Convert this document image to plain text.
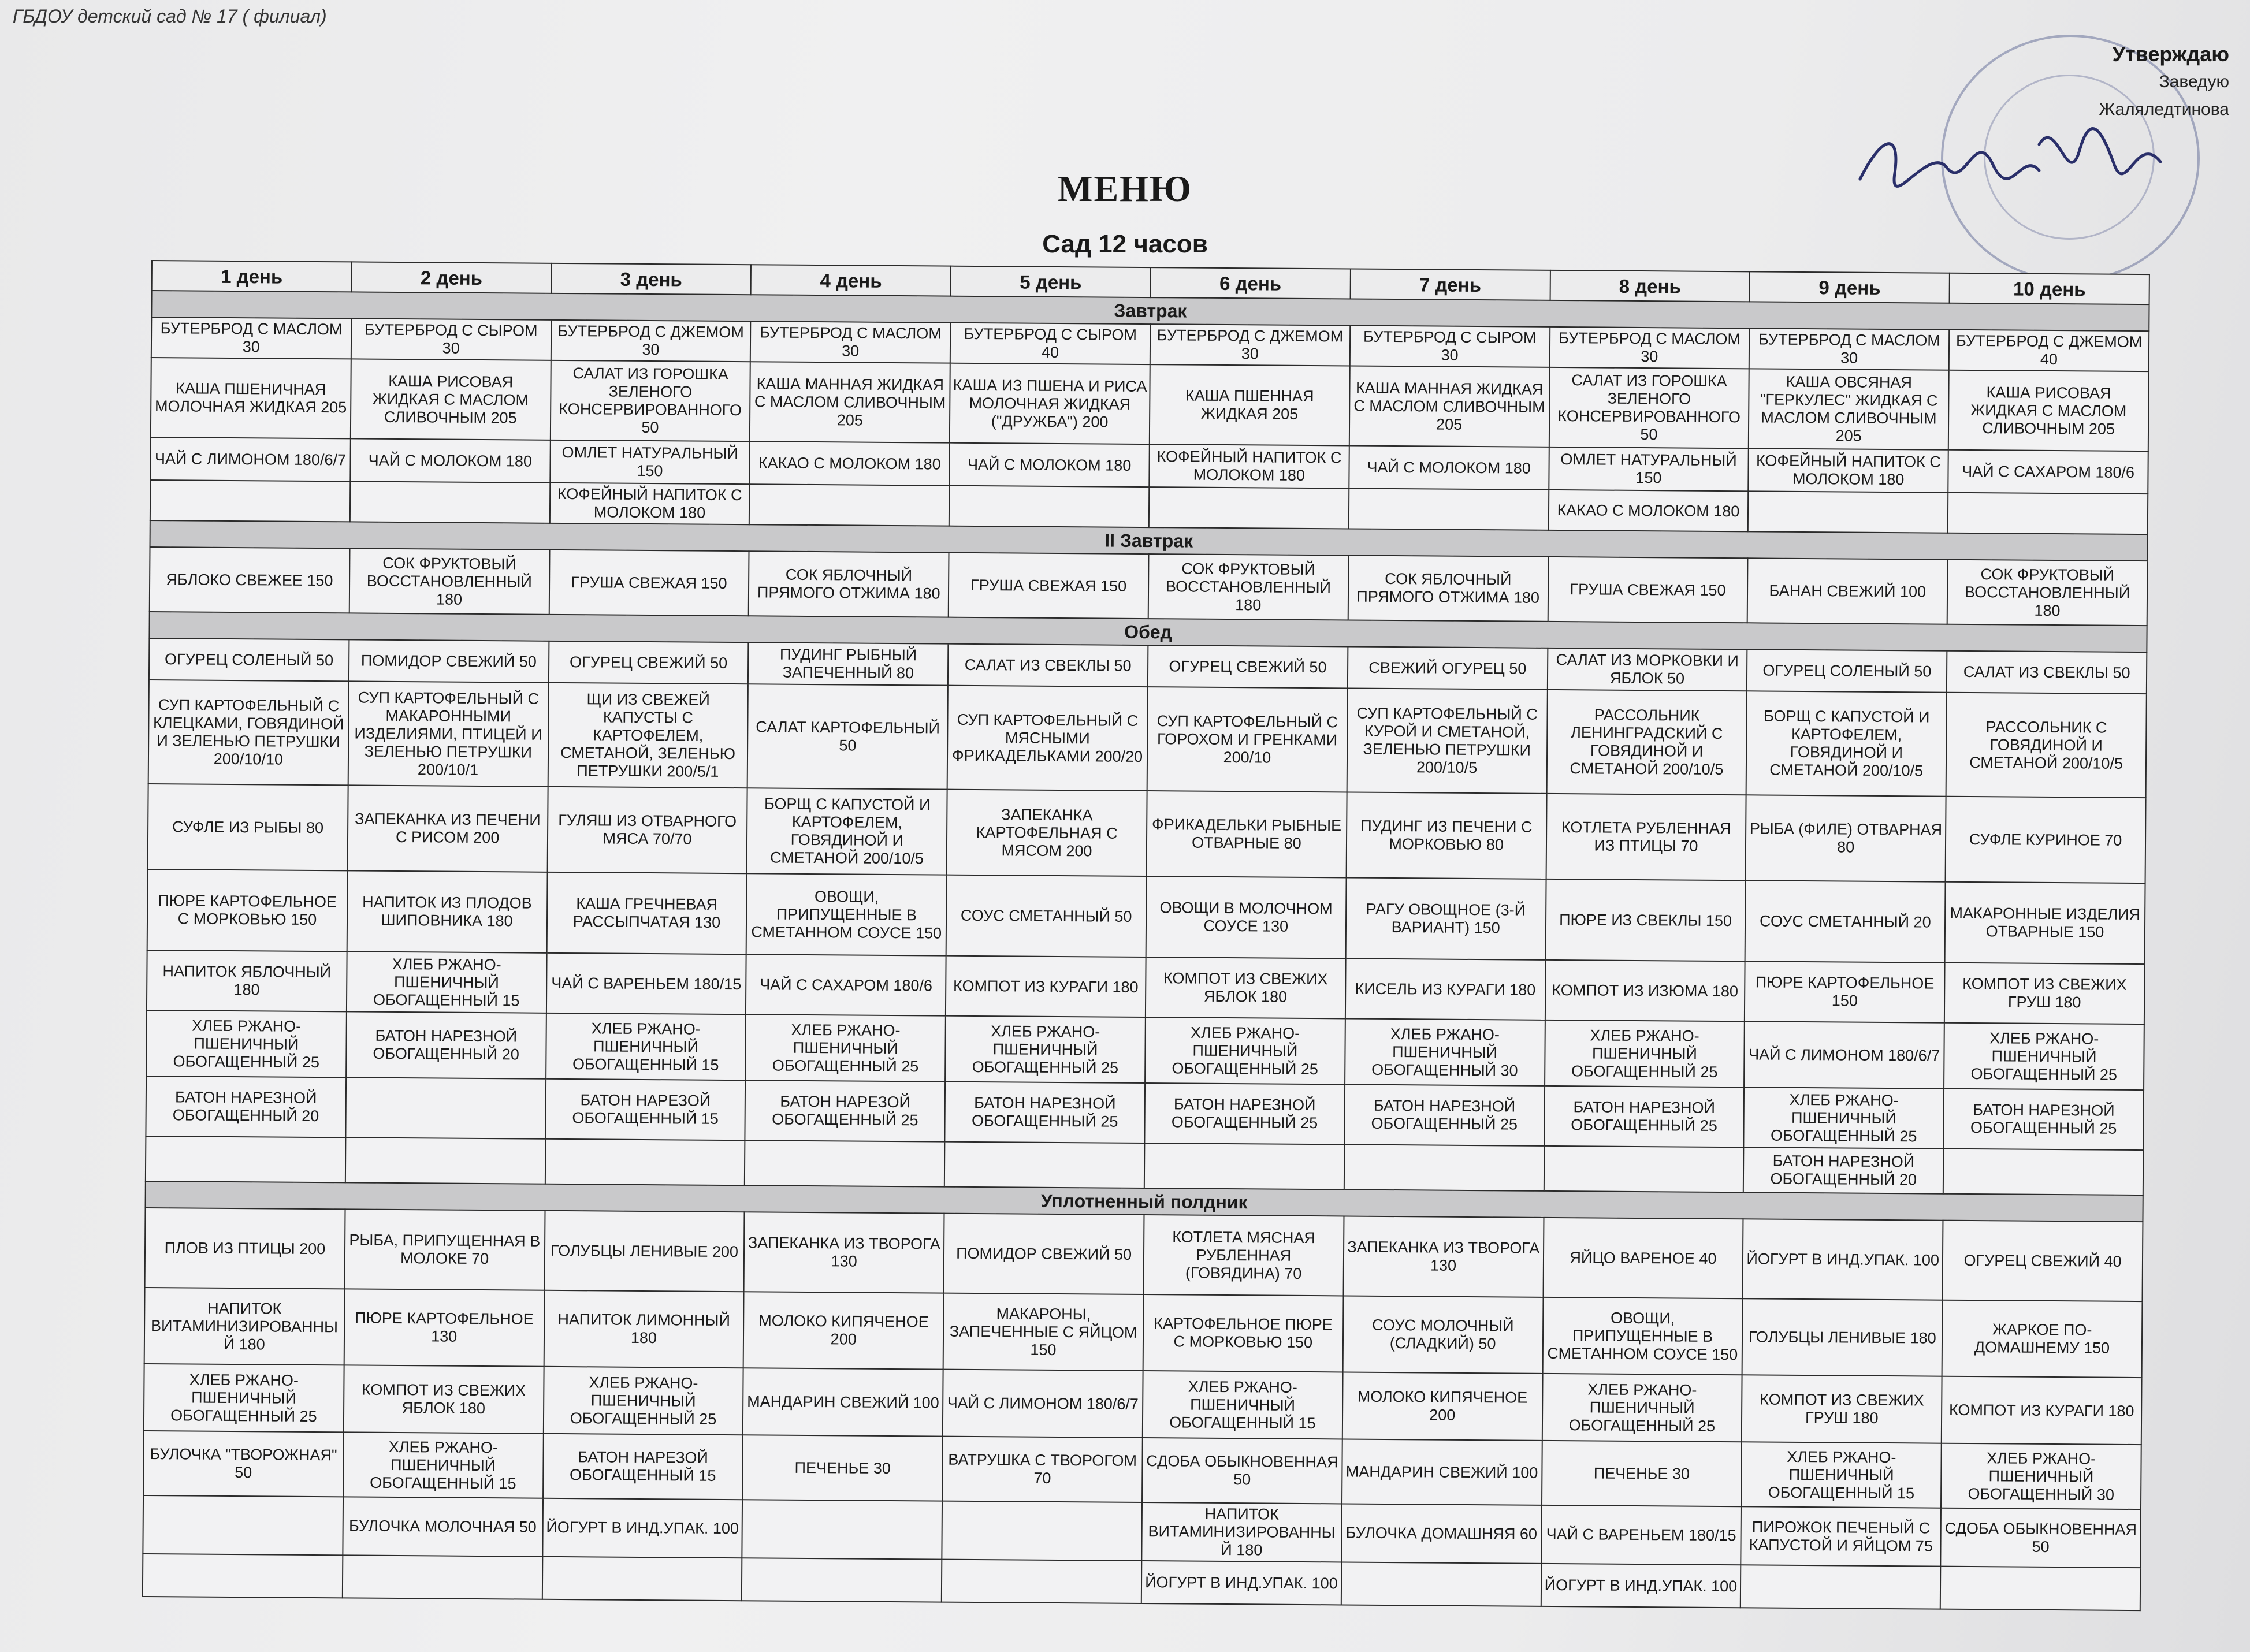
ГБДОУ детский сад № 17 ( филиал)
Утверждаю
Заведую
Жаляледтинова
МЕНЮ
Сад 12 часов
1 день	2 день	3 день	4 день	5 день	6 день	7 день	8 день	9 день	10 день
Завтрак									
БУТЕРБРОД С МАСЛОМ 30	БУТЕРБРОД С СЫРОМ 30	БУТЕРБРОД С ДЖЕМОМ 30	БУТЕРБРОД С МАСЛОМ 30	БУТЕРБРОД С СЫРОМ 40	БУТЕРБРОД С ДЖЕМОМ 30	БУТЕРБРОД С СЫРОМ 30	БУТЕРБРОД С МАСЛОМ 30	БУТЕРБРОД С МАСЛОМ 30	БУТЕРБРОД С ДЖЕМОМ 40
КАША ПШЕНИЧНАЯ МОЛОЧНАЯ ЖИДКАЯ 205	КАША РИСОВАЯ ЖИДКАЯ С МАСЛОМ СЛИВОЧНЫМ 205	САЛАТ ИЗ ГОРОШКА ЗЕЛЕНОГО КОНСЕРВИРОВАННОГО 50	КАША МАННАЯ ЖИДКАЯ С МАСЛОМ СЛИВОЧНЫМ 205	КАША ИЗ ПШЕНА И РИСА МОЛОЧНАЯ ЖИДКАЯ ("ДРУЖБА") 200	КАША ПШЕННАЯ ЖИДКАЯ 205	КАША МАННАЯ ЖИДКАЯ С МАСЛОМ СЛИВОЧНЫМ 205	САЛАТ ИЗ ГОРОШКА ЗЕЛЕНОГО КОНСЕРВИРОВАННОГО 50	КАША ОВСЯНАЯ "ГЕРКУЛЕС" ЖИДКАЯ С МАСЛОМ СЛИВОЧНЫМ 205	КАША РИСОВАЯ ЖИДКАЯ С МАСЛОМ СЛИВОЧНЫМ 205
ЧАЙ С ЛИМОНОМ 180/6/7	ЧАЙ С МОЛОКОМ 180	ОМЛЕТ НАТУРАЛЬНЫЙ 150	КАКАО С МОЛОКОМ 180	ЧАЙ С МОЛОКОМ 180	КОФЕЙНЫЙ НАПИТОК С МОЛОКОМ 180	ЧАЙ С МОЛОКОМ 180	ОМЛЕТ НАТУРАЛЬНЫЙ 150	КОФЕЙНЫЙ НАПИТОК С МОЛОКОМ 180	ЧАЙ С САХАРОМ 180/6
		КОФЕЙНЫЙ НАПИТОК С МОЛОКОМ 180					КАКАО С МОЛОКОМ 180		
II Завтрак									
ЯБЛОКО СВЕЖЕЕ 150	СОК ФРУКТОВЫЙ ВОССТАНОВЛЕННЫЙ 180	ГРУША СВЕЖАЯ 150	СОК ЯБЛОЧНЫЙ ПРЯМОГО ОТЖИМА 180	ГРУША СВЕЖАЯ 150	СОК ФРУКТОВЫЙ ВОССТАНОВЛЕННЫЙ 180	СОК ЯБЛОЧНЫЙ ПРЯМОГО ОТЖИМА 180	ГРУША СВЕЖАЯ 150	БАНАН СВЕЖИЙ 100	СОК ФРУКТОВЫЙ ВОССТАНОВЛЕННЫЙ 180
Обед									
ОГУРЕЦ СОЛЕНЫЙ 50	ПОМИДОР СВЕЖИЙ 50	ОГУРЕЦ СВЕЖИЙ 50	ПУДИНГ РЫБНЫЙ ЗАПЕЧЕННЫЙ 80	САЛАТ ИЗ СВЕКЛЫ 50	ОГУРЕЦ СВЕЖИЙ 50	СВЕЖИЙ ОГУРЕЦ 50	САЛАТ ИЗ МОРКОВКИ И ЯБЛОК 50	ОГУРЕЦ СОЛЕНЫЙ 50	САЛАТ ИЗ СВЕКЛЫ 50
СУП КАРТОФЕЛЬНЫЙ С КЛЕЦКАМИ, ГОВЯДИНОЙ И ЗЕЛЕНЬЮ ПЕТРУШКИ 200/10/10	СУП КАРТОФЕЛЬНЫЙ С МАКАРОННЫМИ ИЗДЕЛИЯМИ, ПТИЦЕЙ И ЗЕЛЕНЬЮ ПЕТРУШКИ 200/10/1	ЩИ ИЗ СВЕЖЕЙ КАПУСТЫ С КАРТОФЕЛЕМ, СМЕТАНОЙ, ЗЕЛЕНЬЮ ПЕТРУШКИ 200/5/1	САЛАТ КАРТОФЕЛЬНЫЙ 50	СУП КАРТОФЕЛЬНЫЙ С МЯСНЫМИ ФРИКАДЕЛЬКАМИ 200/20	СУП КАРТОФЕЛЬНЫЙ С ГОРОХОМ И ГРЕНКАМИ 200/10	СУП КАРТОФЕЛЬНЫЙ С КУРОЙ И СМЕТАНОЙ, ЗЕЛЕНЬЮ ПЕТРУШКИ 200/10/5	РАССОЛЬНИК ЛЕНИНГРАДСКИЙ С ГОВЯДИНОЙ И СМЕТАНОЙ 200/10/5	БОРЩ С КАПУСТОЙ И КАРТОФЕЛЕМ, ГОВЯДИНОЙ И СМЕТАНОЙ 200/10/5	РАССОЛЬНИК С ГОВЯДИНОЙ И СМЕТАНОЙ 200/10/5
СУФЛЕ ИЗ РЫБЫ 80	ЗАПЕКАНКА ИЗ ПЕЧЕНИ С РИСОМ 200	ГУЛЯШ ИЗ ОТВАРНОГО МЯСА 70/70	БОРЩ С КАПУСТОЙ И КАРТОФЕЛЕМ, ГОВЯДИНОЙ И СМЕТАНОЙ 200/10/5	ЗАПЕКАНКА КАРТОФЕЛЬНАЯ С МЯСОМ 200	ФРИКАДЕЛЬКИ РЫБНЫЕ ОТВАРНЫЕ 80	ПУДИНГ ИЗ ПЕЧЕНИ С МОРКОВЬЮ 80	КОТЛЕТА РУБЛЕННАЯ ИЗ ПТИЦЫ 70	РЫБА (ФИЛЕ) ОТВАРНАЯ 80	СУФЛЕ КУРИНОЕ 70
ПЮРЕ КАРТОФЕЛЬНОЕ С МОРКОВЬЮ 150	НАПИТОК ИЗ ПЛОДОВ ШИПОВНИКА 180	КАША ГРЕЧНЕВАЯ РАССЫПЧАТАЯ 130	ОВОЩИ, ПРИПУЩЕННЫЕ В СМЕТАННОМ СОУСЕ 150	СОУС СМЕТАННЫЙ 50	ОВОЩИ В МОЛОЧНОМ СОУСЕ 130	РАГУ ОВОЩНОЕ (3-Й ВАРИАНТ) 150	ПЮРЕ ИЗ СВЕКЛЫ 150	СОУС СМЕТАННЫЙ 20	МАКАРОННЫЕ ИЗДЕЛИЯ ОТВАРНЫЕ 150
НАПИТОК ЯБЛОЧНЫЙ 180	ХЛЕБ РЖАНО-ПШЕНИЧНЫЙ ОБОГАЩЕННЫЙ 15	ЧАЙ С ВАРЕНЬЕМ 180/15	ЧАЙ С САХАРОМ 180/6	КОМПОТ ИЗ КУРАГИ 180	КОМПОТ ИЗ СВЕЖИХ ЯБЛОК 180	КИСЕЛЬ ИЗ КУРАГИ 180	КОМПОТ ИЗ ИЗЮМА 180	ПЮРЕ КАРТОФЕЛЬНОЕ 150	КОМПОТ ИЗ СВЕЖИХ ГРУШ 180
ХЛЕБ РЖАНО-ПШЕНИЧНЫЙ ОБОГАЩЕННЫЙ 25	БАТОН НАРЕЗНОЙ ОБОГАЩЕННЫЙ 20	ХЛЕБ РЖАНО-ПШЕНИЧНЫЙ ОБОГАЩЕННЫЙ 15	ХЛЕБ РЖАНО-ПШЕНИЧНЫЙ ОБОГАЩЕННЫЙ 25	ХЛЕБ РЖАНО-ПШЕНИЧНЫЙ ОБОГАЩЕННЫЙ 25	ХЛЕБ РЖАНО-ПШЕНИЧНЫЙ ОБОГАЩЕННЫЙ 25	ХЛЕБ РЖАНО-ПШЕНИЧНЫЙ ОБОГАЩЕННЫЙ 30	ХЛЕБ РЖАНО-ПШЕНИЧНЫЙ ОБОГАЩЕННЫЙ 25	ЧАЙ С ЛИМОНОМ 180/6/7	ХЛЕБ РЖАНО-ПШЕНИЧНЫЙ ОБОГАЩЕННЫЙ 25
БАТОН НАРЕЗНОЙ ОБОГАЩЕННЫЙ 20		БАТОН НАРЕЗОЙ ОБОГАЩЕННЫЙ 15	БАТОН НАРЕЗОЙ ОБОГАЩЕННЫЙ 25	БАТОН НАРЕЗНОЙ ОБОГАЩЕННЫЙ 25	БАТОН НАРЕЗНОЙ ОБОГАЩЕННЫЙ 25	БАТОН НАРЕЗНОЙ ОБОГАЩЕННЫЙ 25	БАТОН НАРЕЗНОЙ ОБОГАЩЕННЫЙ 25	ХЛЕБ РЖАНО-ПШЕНИЧНЫЙ ОБОГАЩЕННЫЙ 25	БАТОН НАРЕЗНОЙ ОБОГАЩЕННЫЙ 25
								БАТОН НАРЕЗНОЙ ОБОГАЩЕННЫЙ 20	
Уплотненный полдник									
ПЛОВ ИЗ ПТИЦЫ 200	РЫБА, ПРИПУЩЕННАЯ В МОЛОКЕ 70	ГОЛУБЦЫ ЛЕНИВЫЕ 200	ЗАПЕКАНКА ИЗ ТВОРОГА 130	ПОМИДОР СВЕЖИЙ 50	КОТЛЕТА МЯСНАЯ РУБЛЕННАЯ (ГОВЯДИНА) 70	ЗАПЕКАНКА ИЗ ТВОРОГА 130	ЯЙЦО ВАРЕНОЕ 40	ЙОГУРТ В ИНД.УПАК. 100	ОГУРЕЦ СВЕЖИЙ 40
НАПИТОК ВИТАМИНИЗИРОВАННЫЙ 180	ПЮРЕ КАРТОФЕЛЬНОЕ 130	НАПИТОК ЛИМОННЫЙ 180	МОЛОКО КИПЯЧЕНОЕ 200	МАКАРОНЫ, ЗАПЕЧЕННЫЕ С ЯЙЦОМ 150	КАРТОФЕЛЬНОЕ ПЮРЕ С МОРКОВЬЮ 150	СОУС МОЛОЧНЫЙ (СЛАДКИЙ) 50	ОВОЩИ, ПРИПУЩЕННЫЕ В СМЕТАННОМ СОУСЕ 150	ГОЛУБЦЫ ЛЕНИВЫЕ 180	ЖАРКОЕ ПО-ДОМАШНЕМУ 150
ХЛЕБ РЖАНО-ПШЕНИЧНЫЙ ОБОГАЩЕННЫЙ 25	КОМПОТ ИЗ СВЕЖИХ ЯБЛОК 180	ХЛЕБ РЖАНО-ПШЕНИЧНЫЙ ОБОГАЩЕННЫЙ 25	МАНДАРИН СВЕЖИЙ 100	ЧАЙ С ЛИМОНОМ 180/6/7	ХЛЕБ РЖАНО-ПШЕНИЧНЫЙ ОБОГАЩЕННЫЙ 15	МОЛОКО КИПЯЧЕНОЕ 200	ХЛЕБ РЖАНО-ПШЕНИЧНЫЙ ОБОГАЩЕННЫЙ 25	КОМПОТ ИЗ СВЕЖИХ ГРУШ 180	КОМПОТ ИЗ КУРАГИ 180
БУЛОЧКА "ТВОРОЖНАЯ" 50	ХЛЕБ РЖАНО-ПШЕНИЧНЫЙ ОБОГАЩЕННЫЙ 15	БАТОН НАРЕЗОЙ ОБОГАЩЕННЫЙ 15	ПЕЧЕНЬЕ 30	ВАТРУШКА С ТВОРОГОМ 70	СДОБА ОБЫКНОВЕННАЯ 50	МАНДАРИН СВЕЖИЙ 100	ПЕЧЕНЬЕ 30	ХЛЕБ РЖАНО-ПШЕНИЧНЫЙ ОБОГАЩЕННЫЙ 15	ХЛЕБ РЖАНО-ПШЕНИЧНЫЙ ОБОГАЩЕННЫЙ 30
	БУЛОЧКА МОЛОЧНАЯ 50	ЙОГУРТ В ИНД.УПАК. 100			НАПИТОК ВИТАМИНИЗИРОВАННЫЙ 180	БУЛОЧКА ДОМАШНЯЯ 60	ЧАЙ С ВАРЕНЬЕМ 180/15	ПИРОЖОК ПЕЧЕНЫЙ С КАПУСТОЙ И ЯЙЦОМ 75	СДОБА ОБЫКНОВЕННАЯ 50
					ЙОГУРТ В ИНД.УПАК. 100		ЙОГУРТ В ИНД.УПАК. 100		
